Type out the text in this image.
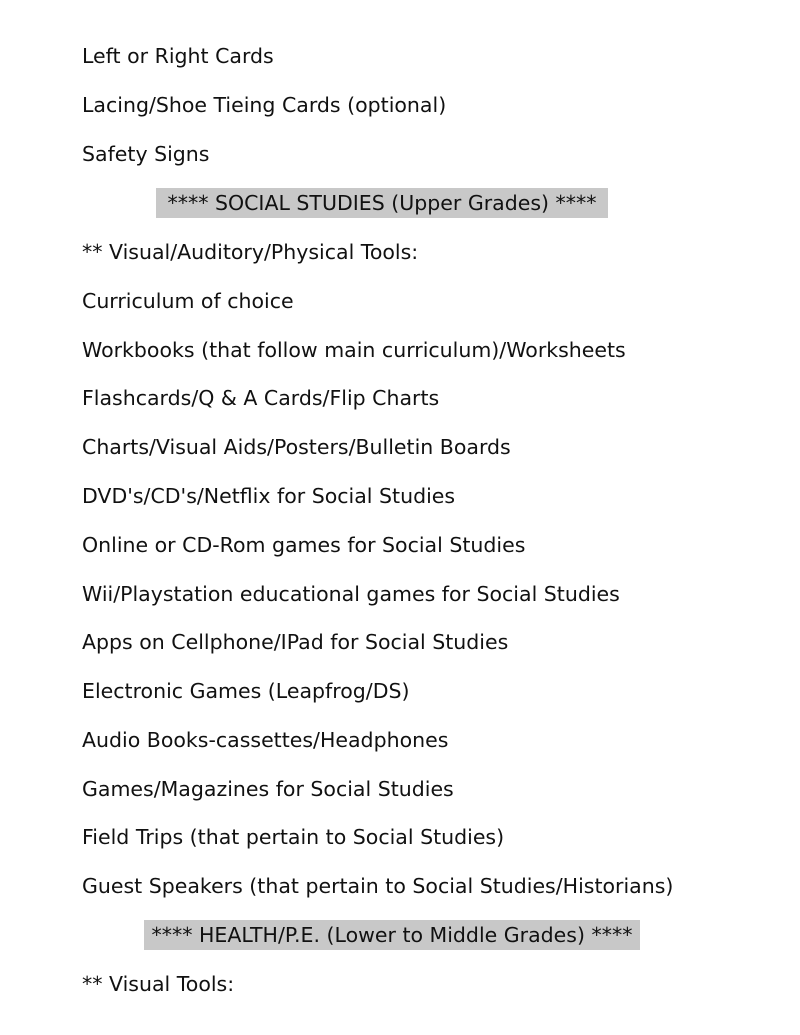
Left or Right Cards
Lacing/Shoe Tieing Cards (optional)
Safety Signs
**** SOCIAL STUDIES (Upper Grades) ****
** Visual/Auditory/Physical Tools:
Curriculum of choice
Workbooks (that follow main curriculum)/Worksheets
Flashcards/Q & A Cards/Flip Charts
Charts/Visual Aids/Posters/Bulletin Boards
DVD's/CD's/Netflix for Social Studies
Online or CD-Rom games for Social Studies
Wii/Playstation educational games for Social Studies
Apps on Cellphone/IPad for Social Studies
Electronic Games (Leapfrog/DS)
Audio Books-cassettes/Headphones
Games/Magazines for Social Studies
Field Trips (that pertain to Social Studies)
Guest Speakers (that pertain to Social Studies/Historians)
**** HEALTH/P.E. (Lower to Middle Grades) ****
** Visual Tools:
